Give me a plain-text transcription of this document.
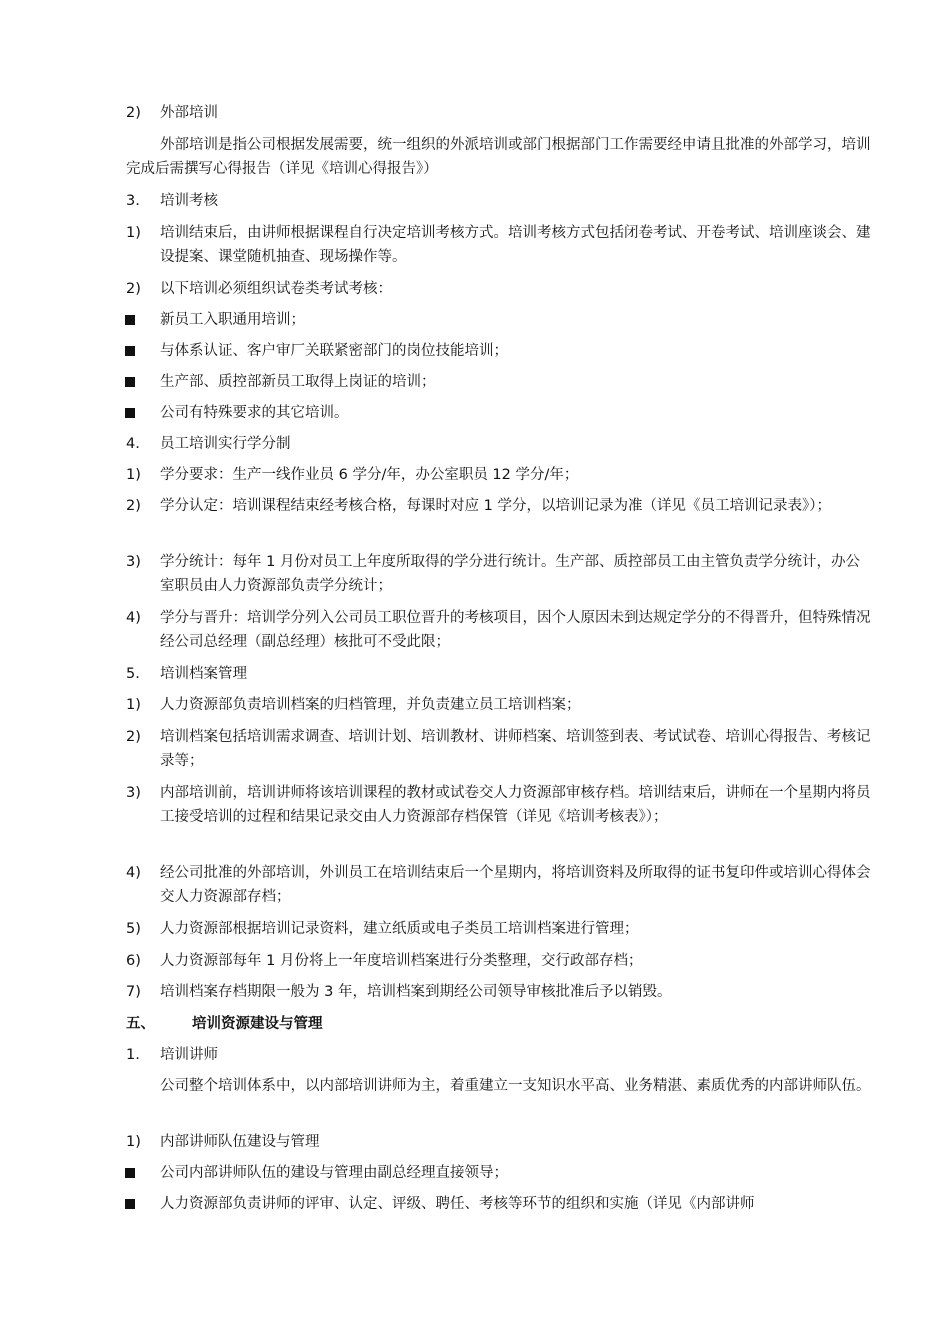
2) 外部培训
外部培训是指公司根据发展需要，统一组织的外派培训或部门根据部门工作需要经申请且批准的外部学习，培训完成后需撰写心得报告（详见《培训心得报告》）
3. 培训考核
1) 培训结束后，由讲师根据课程自行决定培训考核方式。培训考核方式包括闭卷考试、开卷考试、培训座谈会、建设提案、课堂随机抽查、现场操作等。
2) 以下培训必须组织试卷类考试考核：
新员工入职通用培训；
与体系认证、客户审厂关联紧密部门的岗位技能培训；
生产部、质控部新员工取得上岗证的培训；
公司有特殊要求的其它培训。
4. 员工培训实行学分制
1) 学分要求：生产一线作业员 6 学分/年，办公室职员 12 学分/年；
2) 学分认定：培训课程结束经考核合格，每课时对应 1 学分，以培训记录为准（详见《员工培训记录表》）；
3) 学分统计：每年 1 月份对员工上年度所取得的学分进行统计。生产部、质控部员工由主管负责学分统计，办公室职员由人力资源部负责学分统计；
4) 学分与晋升：培训学分列入公司员工职位晋升的考核项目，因个人原因未到达规定学分的不得晋升，但特殊情况经公司总经理（副总经理）核批可不受此限；
5. 培训档案管理
1) 人力资源部负责培训档案的归档管理，并负责建立员工培训档案；
2) 培训档案包括培训需求调查、培训计划、培训教材、讲师档案、培训签到表、考试试卷、培训心得报告、考核记录等；
3) 内部培训前，培训讲师将该培训课程的教材或试卷交人力资源部审核存档。培训结束后，讲师在一个星期内将员工接受培训的过程和结果记录交由人力资源部存档保管（详见《培训考核表》）；
4) 经公司批准的外部培训，外训员工在培训结束后一个星期内，将培训资料及所取得的证书复印件或培训心得体会交人力资源部存档；
5) 人力资源部根据培训记录资料，建立纸质或电子类员工培训档案进行管理；
6) 人力资源部每年 1 月份将上一年度培训档案进行分类整理，交行政部存档；
7) 培训档案存档期限一般为 3 年，培训档案到期经公司领导审核批准后予以销毁。
五、	培训资源建设与管理
1. 培训讲师
公司整个培训体系中，以内部培训讲师为主，着重建立一支知识水平高、业务精湛、素质优秀的内部讲师队伍。
1) 内部讲师队伍建设与管理
公司内部讲师队伍的建设与管理由副总经理直接领导；
人力资源部负责讲师的评审、认定、评级、聘任、考核等环节的组织和实施（详见《内部讲师
